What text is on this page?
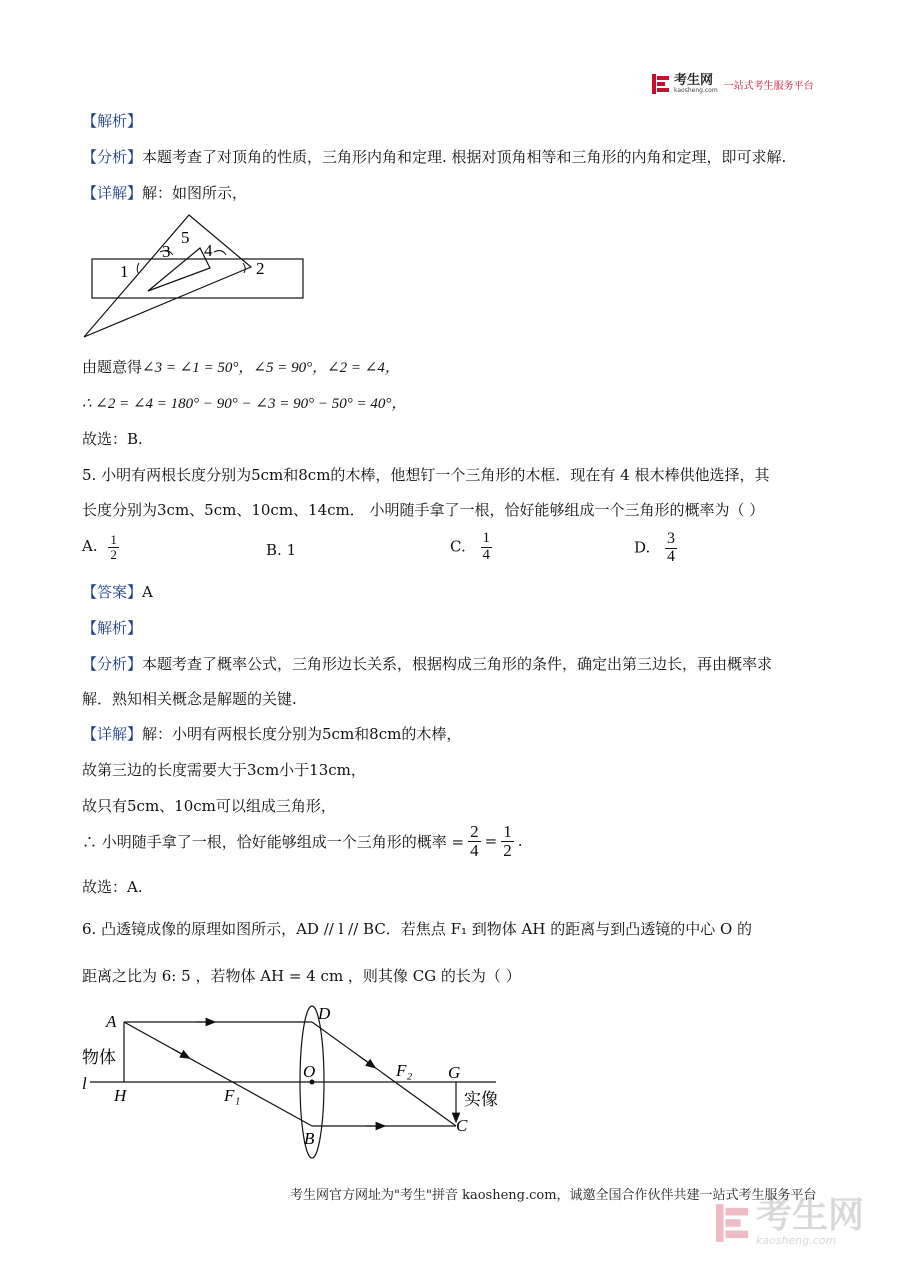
考生网
kaosheng.com 一站式考生服务平台
【解析】
【分析】本题考查了对顶角的性质，三角形内角和定理. 根据对顶角相等和三角形的内角和定理，即可求解.
【详解】解：如图所示，
5
3 4
1	2
由题意得∠3 = ∠1 = 50°，∠5 = 90°，∠2 = ∠4，
∴ ∠2 = ∠4 = 180° − 90° − ∠3 = 90° − 50° = 40°，
故选：B.
5. 小明有两根长度分别为5cm和8cm的木棒，他想钉一个三角形的木框．现在有 4 根木棒供他选择，其
长度分别为3cm、5cm、10cm、14cm． 小明随手拿了一根，恰好能够组成一个三角形的概率为（ ）
A. $\frac{1}{2}$	B. 1	C. $\frac{1}{4}$	D. $\frac{3}{4}$
【答案】A
【解析】
【分析】本题考查了概率公式，三角形边长关系，根据构成三角形的条件，确定出第三边长，再由概率求
解．熟知相关概念是解题的关键.
【详解】解：小明有两根长度分别为5cm和8cm的木棒，
故第三边的长度需要大于3cm小于13cm，
故只有5cm、10cm可以组成三角形，
∴ 小明随手拿了一根，恰好能够组成一个三角形的概率 = $\frac{2}{4} = \frac{1}{2}$ .
故选：A.
6. 凸透镜成像的原理如图所示，AD // l // BC．若焦点 F₁ 到物体 AH 的距离与到凸透镜的中心 O 的
距离之比为 6: 5 ，若物体 AH = 4 cm ，则其像 CG 的长为（ ）
A	D
H
O
F₁
F₂ G
B
C
l
物体
实像
考生网官方网址为"考生"拼音 kaosheng.com，诚邀全国合作伙伴共建一站式考生服务平台
考生网
kaosheng.com
